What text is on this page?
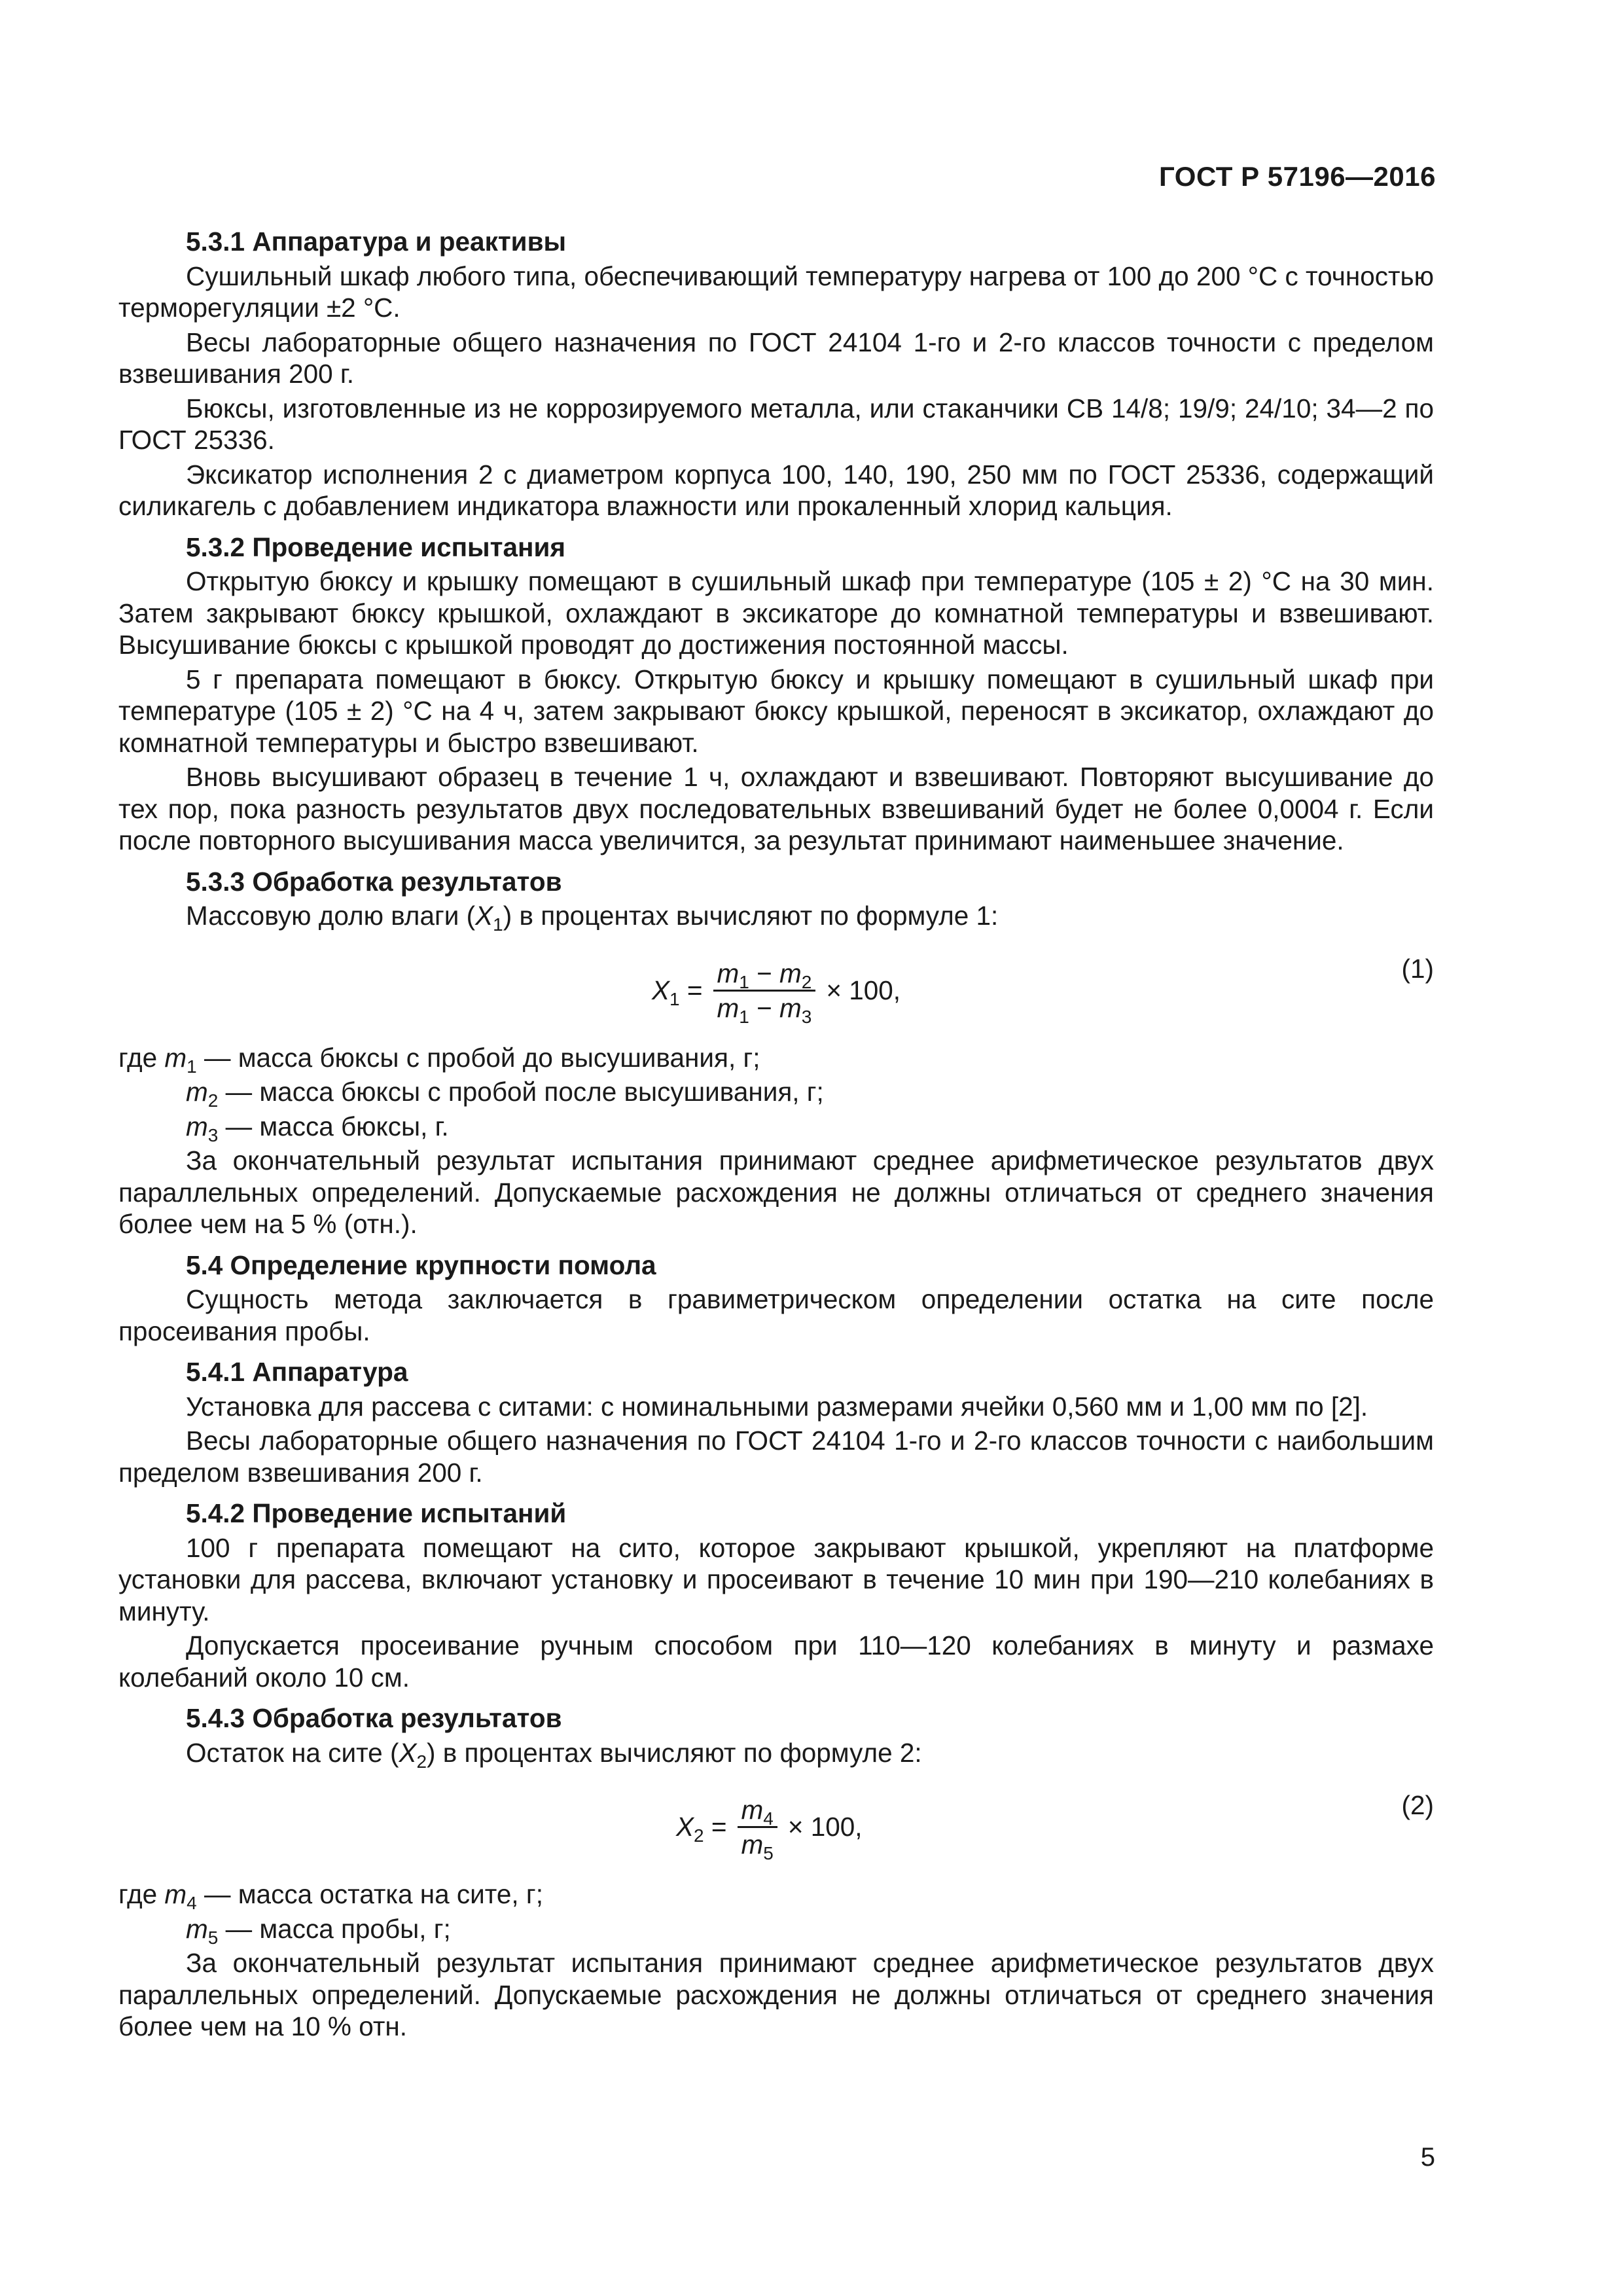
ГОСТ Р 57196—2016
5.3.1 Аппаратура и реактивы
Сушильный шкаф любого типа, обеспечивающий температуру нагрева от 100 до 200 °С с точностью терморегуляции ±2 °С.
Весы лабораторные общего назначения по ГОСТ 24104 1-го и 2-го классов точности с пределом взвешивания 200 г.
Бюксы, изготовленные из не коррозируемого металла, или стаканчики СВ 14/8; 19/9; 24/10; 34—2 по ГОСТ 25336.
Эксикатор исполнения 2 с диаметром корпуса 100, 140, 190, 250 мм по ГОСТ 25336, содержащий силикагель с добавлением индикатора влажности или прокаленный хлорид кальция.
5.3.2 Проведение испытания
Открытую бюксу и крышку помещают в сушильный шкаф при температуре (105 ± 2) °С на 30 мин. Затем закрывают бюксу крышкой, охлаждают в эксикаторе до комнатной температуры и взвешивают. Высушивание бюксы с крышкой проводят до достижения постоянной массы.
5 г препарата помещают в бюксу. Открытую бюксу и крышку помещают в сушильный шкаф при температуре (105 ± 2) °С на 4 ч, затем закрывают бюксу крышкой, переносят в эксикатор, охлаждают до комнатной температуры и быстро взвешивают.
Вновь высушивают образец в течение 1 ч, охлаждают и взвешивают. Повторяют высушивание до тех пор, пока разность результатов двух последовательных взвешиваний будет не более 0,0004 г. Если после повторного высушивания масса увеличится, за результат принимают наименьшее значение.
5.3.3 Обработка результатов
Массовую долю влаги $(X_1)$ в процентах вычисляют по формуле 1:
$X_1 = \frac{m_1 - m_2}{m_1 - m_3} \times 100$,
(1)
где $m_1$ — масса бюксы с пробой до высушивания, г;
$m_2$ — масса бюксы с пробой после высушивания, г;
$m_3$ — масса бюксы, г.
За окончательный результат испытания принимают среднее арифметическое результатов двух параллельных определений. Допускаемые расхождения не должны отличаться от среднего значения более чем на 5 % (отн.).
5.4 Определение крупности помола
Сущность метода заключается в гравиметрическом определении остатка на сите после просеивания пробы.
5.4.1 Аппаратура
Установка для рассева с ситами: с номинальными размерами ячейки 0,560 мм и 1,00 мм по [2].
Весы лабораторные общего назначения по ГОСТ 24104 1-го и 2-го классов точности с наибольшим пределом взвешивания 200 г.
5.4.2 Проведение испытаний
100 г препарата помещают на сито, которое закрывают крышкой, укрепляют на платформе установки для рассева, включают установку и просеивают в течение 10 мин при 190—210 колебаниях в минуту.
Допускается просеивание ручным способом при 110—120 колебаниях в минуту и размахе колебаний около 10 см.
5.4.3 Обработка результатов
Остаток на сите $(X_2)$ в процентах вычисляют по формуле 2:
$X_2 = \frac{m_4}{m_5} \times 100$,
(2)
где $m_4$ — масса остатка на сите, г;
$m_5$ — масса пробы, г;
За окончательный результат испытания принимают среднее арифметическое результатов двух параллельных определений. Допускаемые расхождения не должны отличаться от среднего значения более чем на 10 % отн.
5
